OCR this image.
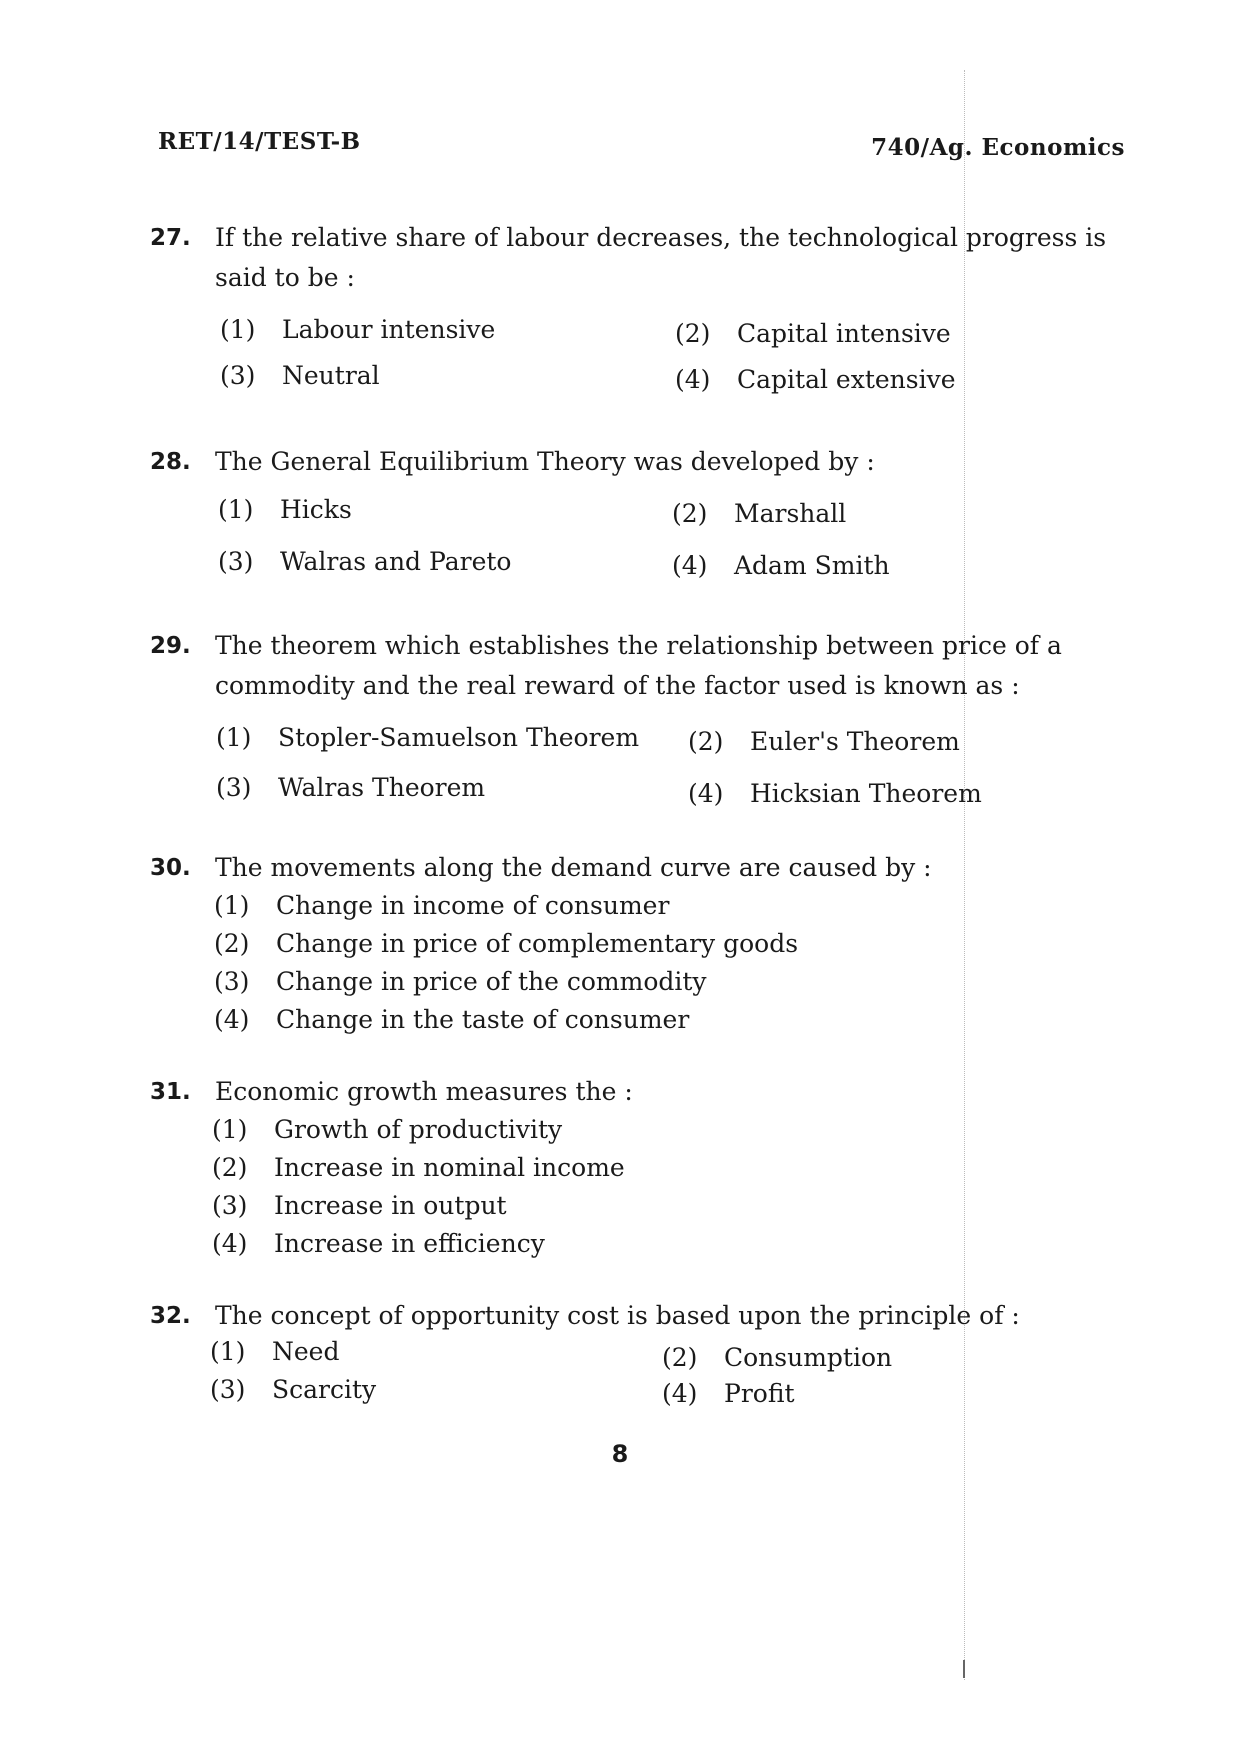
RET/14/TEST-B	740/Ag. Economics
27. If the relative share of labour decreases, the technological progress is said to be :
(1) Labour intensive	(2) Capital intensive
(3) Neutral	(4) Capital extensive
28. The General Equilibrium Theory was developed by :
(1) Hicks	(2) Marshall
(3) Walras and Pareto	(4) Adam Smith
29. The theorem which establishes the relationship between price of a commodity and the real reward of the factor used is known as :
(1) Stopler-Samuelson Theorem (2) Euler's Theorem
(3) Walras Theorem	(4) Hicksian Theorem
30. The movements along the demand curve are caused by :
(1) Change in income of consumer
(2) Change in price of complementary goods
(3) Change in price of the commodity
(4) Change in the taste of consumer
31. Economic growth measures the :
(1) Growth of productivity
(2) Increase in nominal income
(3) Increase in output
(4) Increase in efficiency
32. The concept of opportunity cost is based upon the principle of :
(1) Need	(2) Consumption
(3) Scarcity	(4) Profit
8
